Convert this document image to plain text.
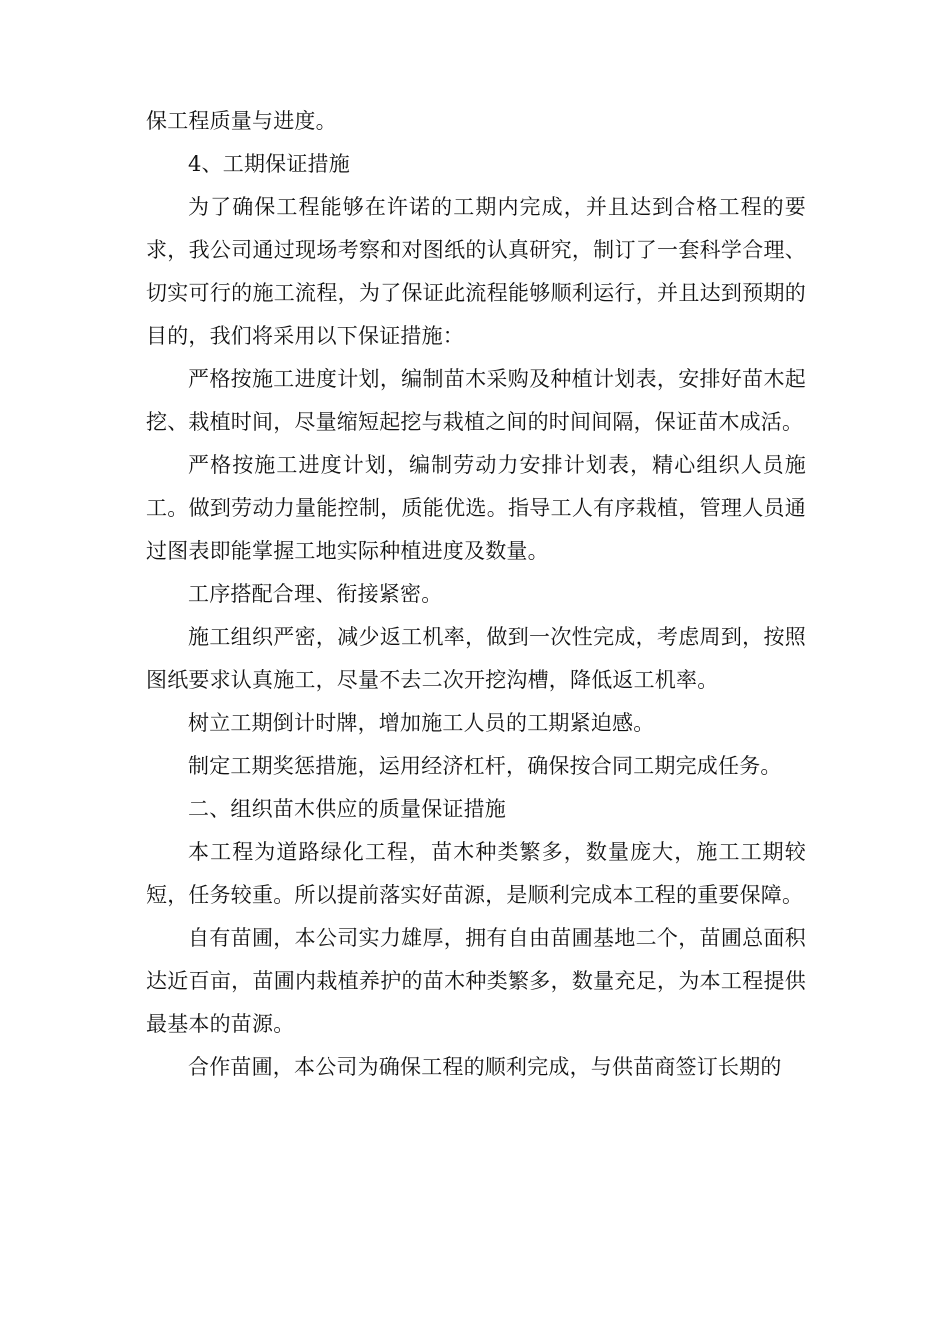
保工程质量与进度。

4、工期保证措施

为了确保工程能够在许诺的工期内完成，并且达到合格工程的要求，我公司通过现场考察和对图纸的认真研究，制订了一套科学合理、切实可行的施工流程，为了保证此流程能够顺利运行，并且达到预期的目的，我们将采用以下保证措施：

严格按施工进度计划，编制苗木采购及种植计划表，安排好苗木起挖、栽植时间，尽量缩短起挖与栽植之间的时间间隔，保证苗木成活。

严格按施工进度计划，编制劳动力安排计划表，精心组织人员施工。做到劳动力量能控制，质能优选。指导工人有序栽植，管理人员通过图表即能掌握工地实际种植进度及数量。

工序搭配合理、衔接紧密。

施工组织严密，减少返工机率，做到一次性完成，考虑周到，按照图纸要求认真施工，尽量不去二次开挖沟槽，降低返工机率。

树立工期倒计时牌，增加施工人员的工期紧迫感。

制定工期奖惩措施，运用经济杠杆，确保按合同工期完成任务。

二、组织苗木供应的质量保证措施

本工程为道路绿化工程，苗木种类繁多，数量庞大，施工工期较短，任务较重。所以提前落实好苗源，是顺利完成本工程的重要保障。

自有苗圃，本公司实力雄厚，拥有自由苗圃基地二个，苗圃总面积达近百亩，苗圃内栽植养护的苗木种类繁多，数量充足，为本工程提供最基本的苗源。

合作苗圃，本公司为确保工程的顺利完成，与供苗商签订长期的
